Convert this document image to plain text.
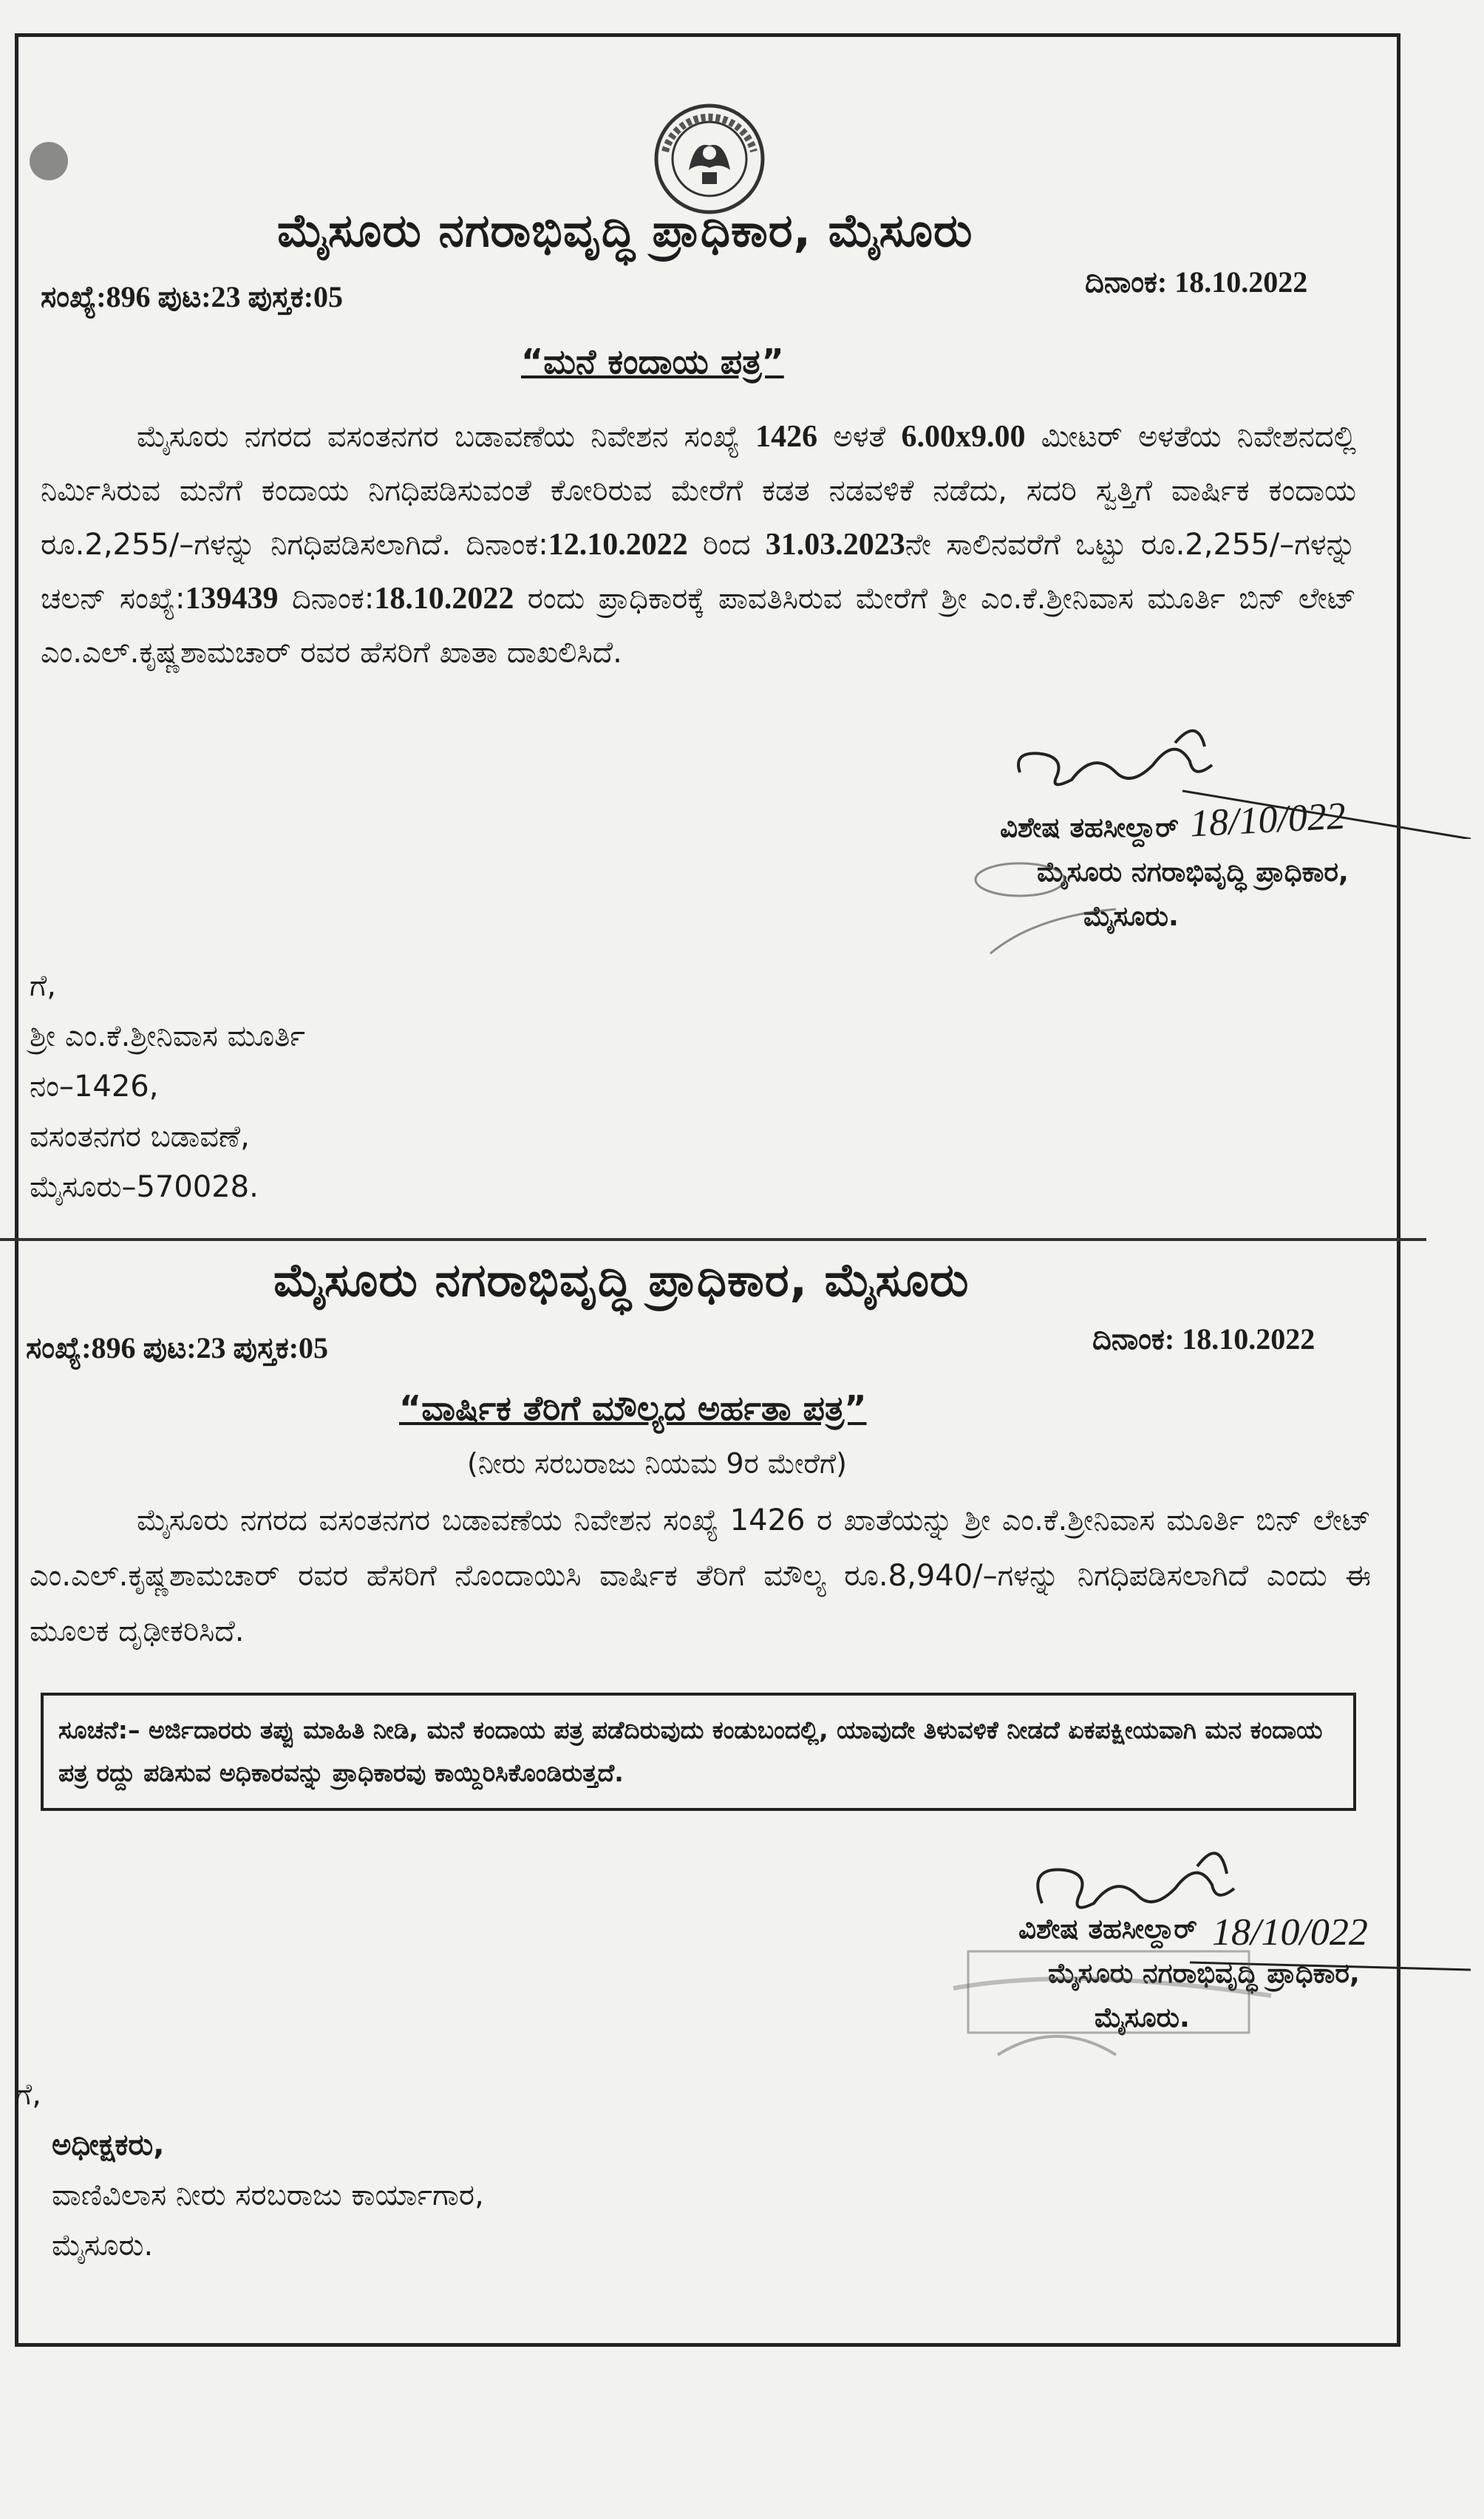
ಮೈಸೂರು ನಗರಾಭಿವೃದ್ಧಿ ಪ್ರಾಧಿಕಾರ, ಮೈಸೂರು
ಸಂಖ್ಯೆ:896 ಪುಟ:23 ಪುಸ್ತಕ:05	ದಿನಾಂಕ: 18.10.2022
“ಮನೆ ಕಂದಾಯ ಪತ್ರ”
ಮೈಸೂರು ನಗರದ ವಸಂತನಗರ ಬಡಾವಣೆಯ ನಿವೇಶನ ಸಂಖ್ಯೆ 1426 ಅಳತೆ 6.00x9.00 ಮೀಟರ್ ಅಳತೆಯ ನಿವೇಶನದಲ್ಲಿ ನಿರ್ಮಿಸಿರುವ ಮನೆಗೆ ಕಂದಾಯ ನಿಗಧಿಪಡಿಸುವಂತೆ ಕೋರಿರುವ ಮೇರೆಗೆ ಕಡತ ನಡವಳಿಕೆ ನಡೆದು, ಸದರಿ ಸ್ವತ್ತಿಗೆ ವಾರ್ಷಿಕ ಕಂದಾಯ ರೂ.2,255/–ಗಳನ್ನು ನಿಗಧಿಪಡಿಸಲಾಗಿದೆ. ದಿನಾಂಕ:12.10.2022 ರಿಂದ 31.03.2023ನೇ ಸಾಲಿನವರೆಗೆ ಒಟ್ಟು ರೂ.2,255/–ಗಳನ್ನು ಚಲನ್ ಸಂಖ್ಯೆ:139439 ದಿನಾಂಕ:18.10.2022 ರಂದು ಪ್ರಾಧಿಕಾರಕ್ಕೆ ಪಾವತಿಸಿರುವ ಮೇರೆಗೆ ಶ್ರೀ ಎಂ.ಕೆ.ಶ್ರೀನಿವಾಸ ಮೂರ್ತಿ ಬಿನ್ ಲೇಟ್ ಎಂ.ಎಲ್.ಕೃಷ್ಣಶಾಮಚಾರ್ ರವರ ಹೆಸರಿಗೆ ಖಾತಾ ದಾಖಲಿಸಿದೆ.
18/10/022
ವಿಶೇಷ ತಹಸೀಲ್ದಾರ್
ಮೈಸೂರು ನಗರಾಭಿವೃದ್ಧಿ ಪ್ರಾಧಿಕಾರ,
ಮೈಸೂರು.
ಗೆ,
ಶ್ರೀ ಎಂ.ಕೆ.ಶ್ರೀನಿವಾಸ ಮೂರ್ತಿ
ನಂ–1426,
ವಸಂತನಗರ ಬಡಾವಣೆ,
ಮೈಸೂರು–570028.
ಮೈಸೂರು ನಗರಾಭಿವೃದ್ಧಿ ಪ್ರಾಧಿಕಾರ, ಮೈಸೂರು
ಸಂಖ್ಯೆ:896 ಪುಟ:23 ಪುಸ್ತಕ:05	ದಿನಾಂಕ: 18.10.2022
“ವಾರ್ಷಿಕ ತೆರಿಗೆ ಮೌಲ್ಯದ ಅರ್ಹತಾ ಪತ್ರ”
(ನೀರು ಸರಬರಾಜು ನಿಯಮ 9ರ ಮೇರೆಗೆ)
ಮೈಸೂರು ನಗರದ ವಸಂತನಗರ ಬಡಾವಣೆಯ ನಿವೇಶನ ಸಂಖ್ಯೆ 1426 ರ ಖಾತೆಯನ್ನು ಶ್ರೀ ಎಂ.ಕೆ.ಶ್ರೀನಿವಾಸ ಮೂರ್ತಿ ಬಿನ್ ಲೇಟ್ ಎಂ.ಎಲ್.ಕೃಷ್ಣಶಾಮಚಾರ್ ರವರ ಹೆಸರಿಗೆ ನೊಂದಾಯಿಸಿ ವಾರ್ಷಿಕ ತೆರಿಗೆ ಮೌಲ್ಯ ರೂ.8,940/–ಗಳನ್ನು ನಿಗಧಿಪಡಿಸಲಾಗಿದೆ ಎಂದು ಈ ಮೂಲಕ ದೃಢೀಕರಿಸಿದೆ.
ಸೂಚನೆ:– ಅರ್ಜಿದಾರರು ತಪ್ಪು ಮಾಹಿತಿ ನೀಡಿ, ಮನೆ ಕಂದಾಯ ಪತ್ರ ಪಡೆದಿರುವುದು ಕಂಡುಬಂದಲ್ಲಿ, ಯಾವುದೇ ತಿಳುವಳಿಕೆ ನೀಡದೆ ಏಕಪಕ್ಷೀಯವಾಗಿ ಮನ ಕಂದಾಯ ಪತ್ರ ರದ್ದು ಪಡಿಸುವ ಅಧಿಕಾರವನ್ನು ಪ್ರಾಧಿಕಾರವು ಕಾಯ್ದಿರಿಸಿಕೊಂಡಿರುತ್ತದೆ.
18/10/022
ವಿಶೇಷ ತಹಸೀಲ್ದಾರ್
ಮೈಸೂರು ನಗರಾಭಿವೃದ್ಧಿ ಪ್ರಾಧಿಕಾರ,
ಮೈಸೂರು.
ಗೆ,
ಅಧೀಕ್ಷಕರು,
ವಾಣಿವಿಲಾಸ ನೀರು ಸರಬರಾಜು ಕಾರ್ಯಾಗಾರ,
ಮೈಸೂರು.
